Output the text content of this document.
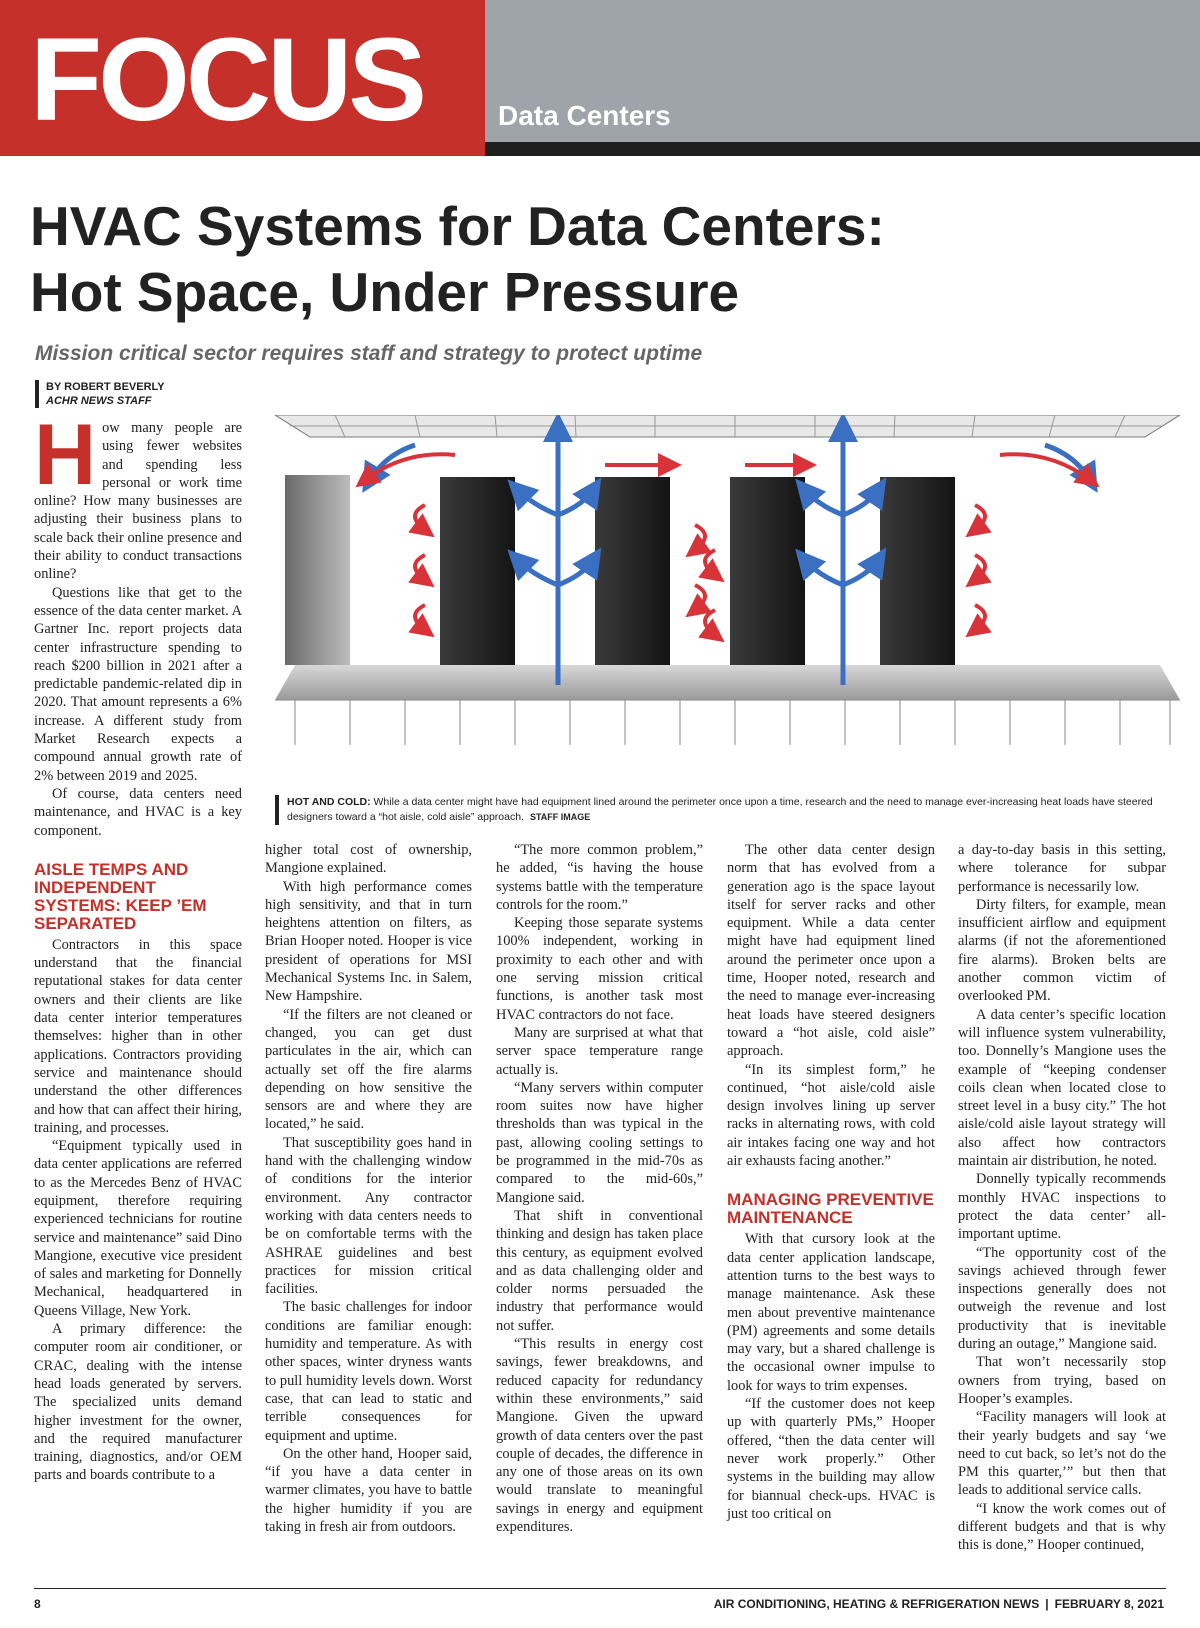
FOCUS	Data Centers
HVAC Systems for Data Centers:
Hot Space, Under Pressure
Mission critical sector requires staff and strategy to protect uptime
BY ROBERT BEVERLY
ACHR NEWS STAFF
HOT AND COLD: While a data center might have had equipment lined around the perimeter once upon a time, research and the need to manage ever-increasing heat loads have steered designers toward a “hot aisle, cold aisle” approach. STAFF IMAGE

How many people are using fewer websites and spending less personal or work time online? How many businesses are adjusting their business plans to scale back their online presence and their ability to conduct transactions online?

Questions like that get to the essence of the data center market. A Gartner Inc. report projects data center infrastructure spending to reach $200 billion in 2021 after a predictable pandemic-related dip in 2020. That amount represents a 6% increase. A different study from Market Research expects a compound annual growth rate of 2% between 2019 and 2025.

Of course, data centers need maintenance, and HVAC is a key component.

AISLE TEMPS AND INDEPENDENT SYSTEMS: KEEP ’EM SEPARATED

Contractors in this space understand that the financial reputational stakes for data center owners and their clients are like data center interior temperatures themselves: higher than in other applications. Contractors providing service and maintenance should understand the other differences and how that can affect their hiring, training, and processes.

“Equipment typically used in data center applications are referred to as the Mercedes Benz of HVAC equipment, therefore requiring experienced technicians for routine service and maintenance” said Dino Mangione, executive vice president of sales and marketing for Donnelly Mechanical, headquartered in Queens Village, New York.

A primary difference: the computer room air conditioner, or CRAC, dealing with the intense head loads generated by servers. The specialized units demand higher investment for the owner, and the required manufacturer training, diagnostics, and/or OEM parts and boards contribute to a

higher total cost of ownership, Mangione explained.

With high performance comes high sensitivity, and that in turn heightens attention on filters, as Brian Hooper noted. Hooper is vice president of operations for MSI Mechanical Systems Inc. in Salem, New Hampshire.

“If the filters are not cleaned or changed, you can get dust particulates in the air, which can actually set off the fire alarms depending on how sensitive the sensors are and where they are located,” he said.

That susceptibility goes hand in hand with the challenging window of conditions for the interior environment. Any contractor working with data centers needs to be on comfortable terms with the ASHRAE guidelines and best practices for mission critical facilities.

The basic challenges for indoor conditions are familiar enough: humidity and temperature. As with other spaces, winter dryness wants to pull humidity levels down. Worst case, that can lead to static and terrible consequences for equipment and uptime.

On the other hand, Hooper said, “if you have a data center in warmer climates, you have to battle the higher humidity if you are taking in fresh air from outdoors.

“The more common problem,” he added, “is having the house systems battle with the temperature controls for the room.”

Keeping those separate systems 100% independent, working in proximity to each other and with one serving mission critical functions, is another task most HVAC contractors do not face.

Many are surprised at what that server space temperature range actually is.

“Many servers within computer room suites now have higher thresholds than was typical in the past, allowing cooling settings to be programmed in the mid-70s as compared to the mid-60s,” Mangione said.

That shift in conventional thinking and design has taken place this century, as equipment evolved and as data challenging older and colder norms persuaded the industry that performance would not suffer.

“This results in energy cost savings, fewer breakdowns, and reduced capacity for redundancy within these environments,” said Mangione. Given the upward growth of data centers over the past couple of decades, the difference in any one of those areas on its own would translate to meaningful savings in energy and equipment expenditures.

The other data center design norm that has evolved from a generation ago is the space layout itself for server racks and other equipment. While a data center might have had equipment lined around the perimeter once upon a time, Hooper noted, research and the need to manage ever-increasing heat loads have steered designers toward a “hot aisle, cold aisle” approach.

“In its simplest form,” he continued, “hot aisle/cold aisle design involves lining up server racks in alternating rows, with cold air intakes facing one way and hot air exhausts facing another.”

MANAGING PREVENTIVE MAINTENANCE

With that cursory look at the data center application landscape, attention turns to the best ways to manage maintenance. Ask these men about preventive maintenance (PM) agreements and some details may vary, but a shared challenge is the occasional owner impulse to look for ways to trim expenses.

“If the customer does not keep up with quarterly PMs,” Hooper offered, “then the data center will never work properly.” Other systems in the building may allow for biannual check-ups. HVAC is just too critical on

a day-to-day basis in this setting, where tolerance for subpar performance is necessarily low.

Dirty filters, for example, mean insufficient airflow and equipment alarms (if not the aforementioned fire alarms). Broken belts are another common victim of overlooked PM.

A data center’s specific location will influence system vulnerability, too. Donnelly’s Mangione uses the example of “keeping condenser coils clean when located close to street level in a busy city.” The hot aisle/cold aisle layout strategy will also affect how contractors maintain air distribution, he noted.

Donnelly typically recommends monthly HVAC inspections to protect the data center’ all-important uptime.

“The opportunity cost of the savings achieved through fewer inspections generally does not outweigh the revenue and lost productivity that is inevitable during an outage,” Mangione said.

That won’t necessarily stop owners from trying, based on Hooper’s examples.

“Facility managers will look at their yearly budgets and say ‘we need to cut back, so let’s not do the PM this quarter,’” but then that leads to additional service calls.

“I know the work comes out of different budgets and that is why this is done,” Hooper continued,

8	AIR CONDITIONING, HEATING & REFRIGERATION NEWS | FEBRUARY 8, 2021
